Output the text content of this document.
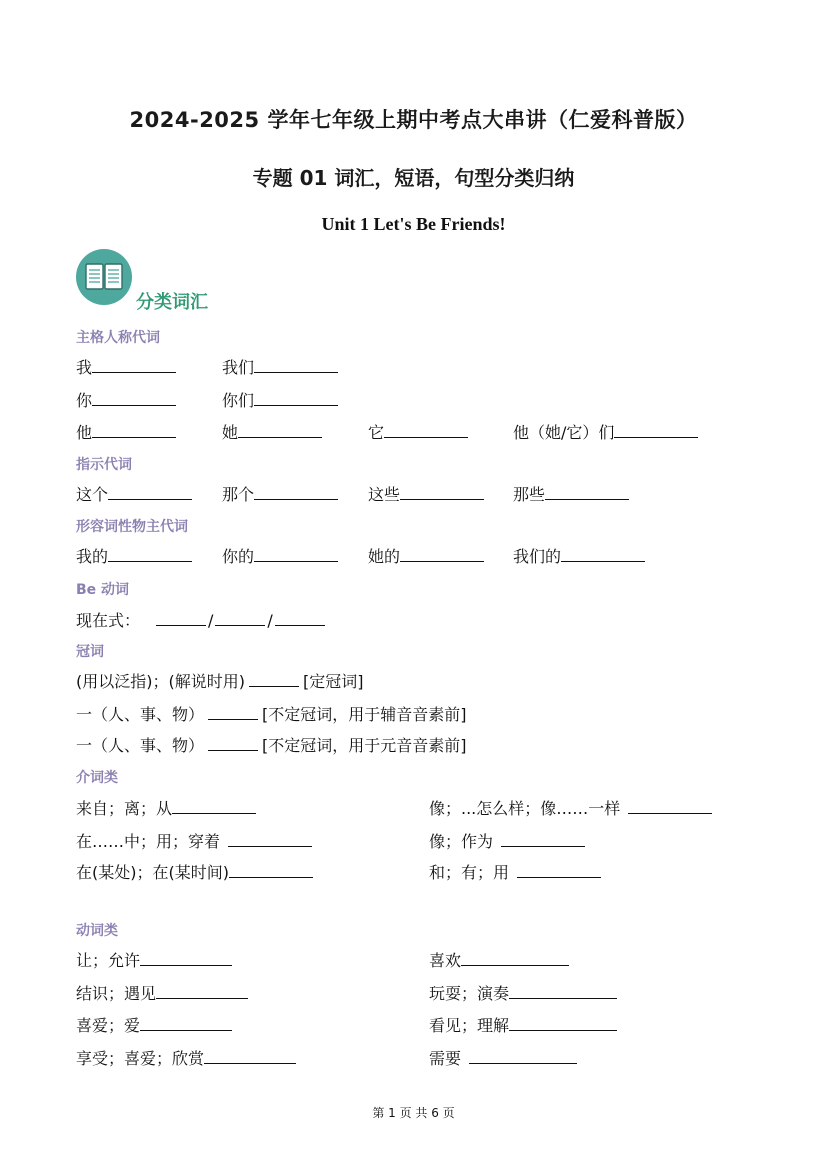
2024-2025 学年七年级上期中考点大串讲（仁爱科普版）
专题 01 词汇，短语，句型分类归纳
Unit 1 Let's Be Friends!
分类词汇
主格人称代词
我	我们
你	你们
他	她	它	他（她/它）们
指示代词
这个	那个	这些	那些
形容词性物主代词
我的	你的	她的	我们的
Be 动词
现在式：	/	/
冠词
(用以泛指)；(解说时用)	[定冠词]
一（人、事、物）	[不定冠词，用于辅音音素前]
一（人、事、物）	[不定冠词，用于元音音素前]
介词类
来自；离；从	像；...怎么样；像……一样
在……中；用；穿着	像；作为
在(某处)；在(某时间)	和；有；用
动词类
让；允许	喜欢
结识；遇见	玩耍；演奏
喜爱；爱	看见；理解
享受；喜爱；欣赏	需要
第 1 页 共 6 页
